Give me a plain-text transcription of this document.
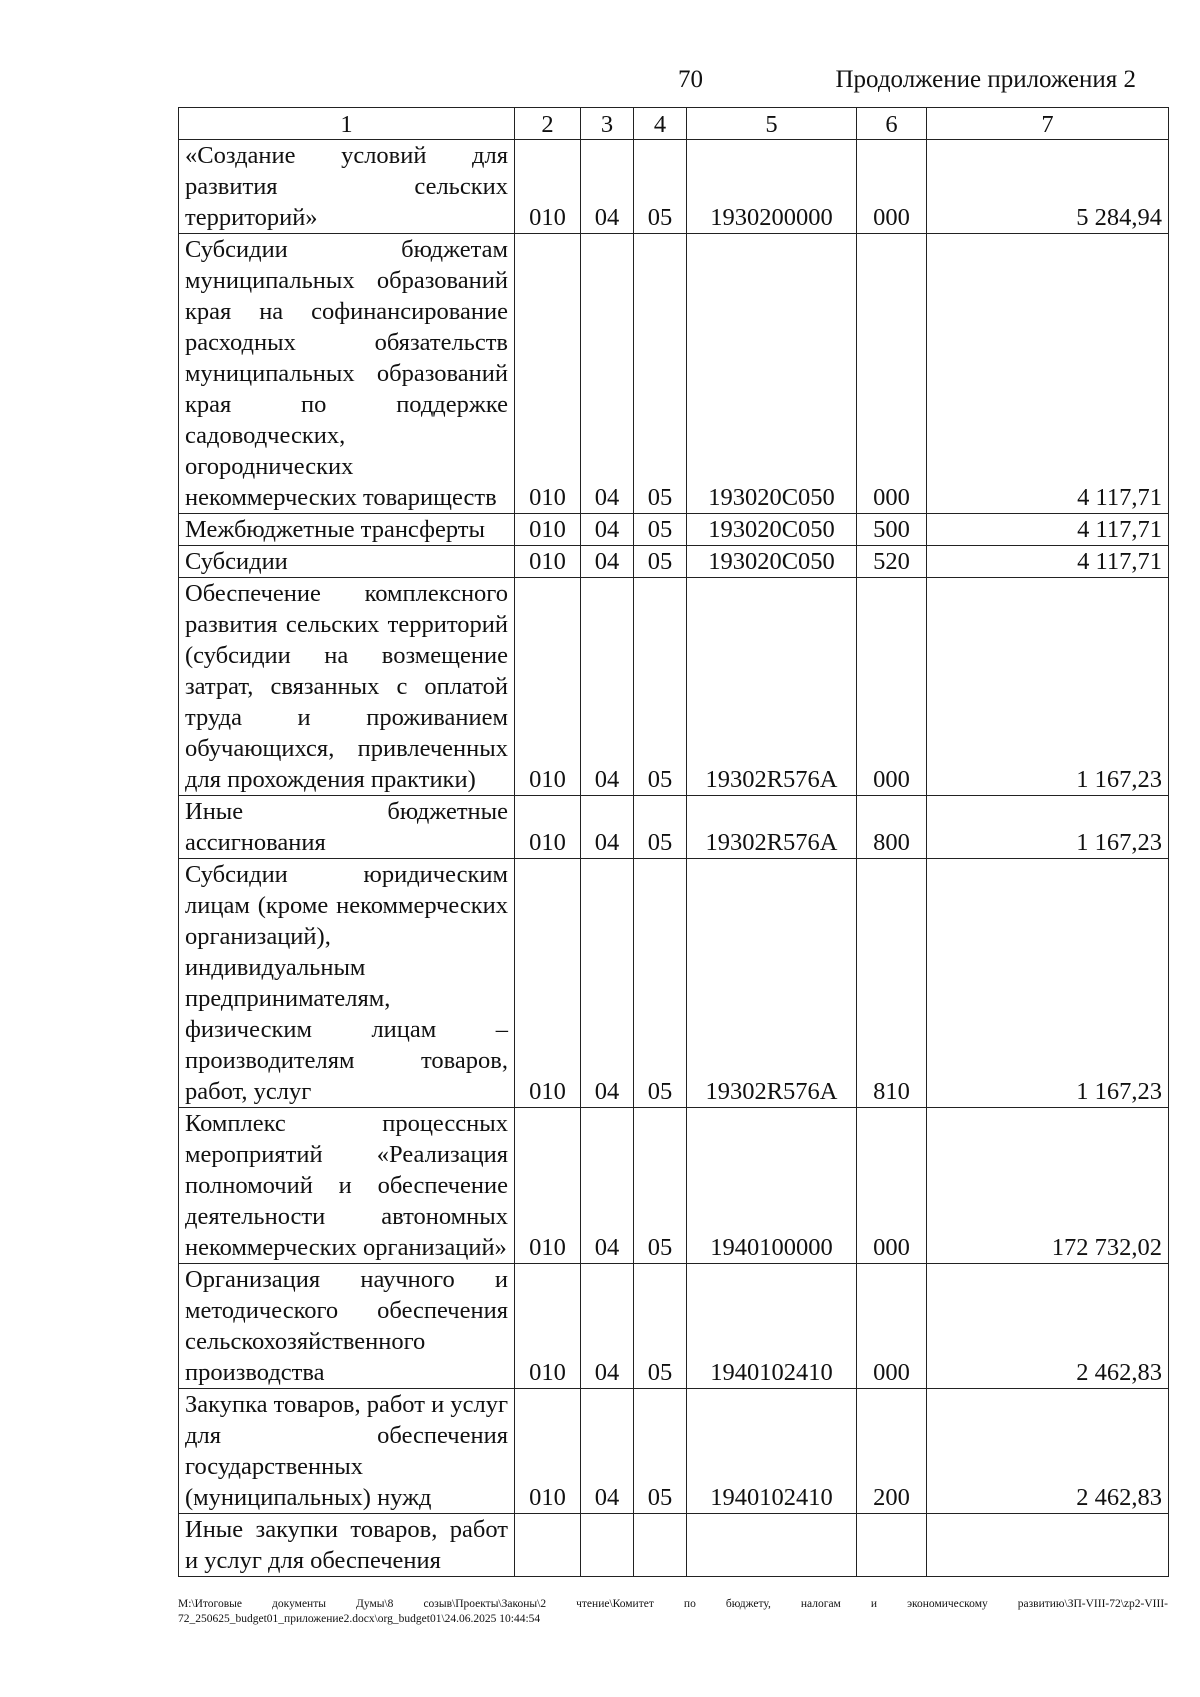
70	Продолжение приложения 2
1	2	3	4	5	6	7
«Создание условий для развития сельских территорий»	010	04	05	1930200000	000	5 284,94
Субсидии бюджетам муниципальных образований края на софинансирование расходных обязательств муниципальных образований края по поддержке садоводческих, огороднических некоммерческих товариществ	010	04	05	193020С050	000	4 117,71
Межбюджетные трансферты	010	04	05	193020С050	500	4 117,71
Субсидии	010	04	05	193020С050	520	4 117,71
Обеспечение комплексного развития сельских территорий (субсидии на возмещение затрат, связанных с оплатой труда и проживанием обучающихся, привлеченных для прохождения практики)	010	04	05	19302R576A	000	1 167,23
Иные бюджетные ассигнования	010	04	05	19302R576A	800	1 167,23
Субсидии юридическим лицам (кроме некоммерческих организаций), индивидуальным предпринимателям, физическим лицам – производителям товаров, работ, услуг	010	04	05	19302R576A	810	1 167,23
Комплекс процессных мероприятий «Реализация полномочий и обеспечение деятельности автономных некоммерческих организаций»	010	04	05	1940100000	000	172 732,02
Организация научного и методического обеспечения сельскохозяйственного производства	010	04	05	1940102410	000	2 462,83
Закупка товаров, работ и услуг для обеспечения государственных (муниципальных) нужд	010	04	05	1940102410	200	2 462,83
Иные закупки товаров, работ и услуг для обеспечения						
M:\Итоговые документы Думы\8 созыв\Проекты\Законы\2 чтение\Комитет по бюджету, налогам и экономическому развитию\ЗП-VIII-72\zp2-VIII-72_250625_budget01_приложение2.docx\org_budget01\24.06.2025 10:44:54
